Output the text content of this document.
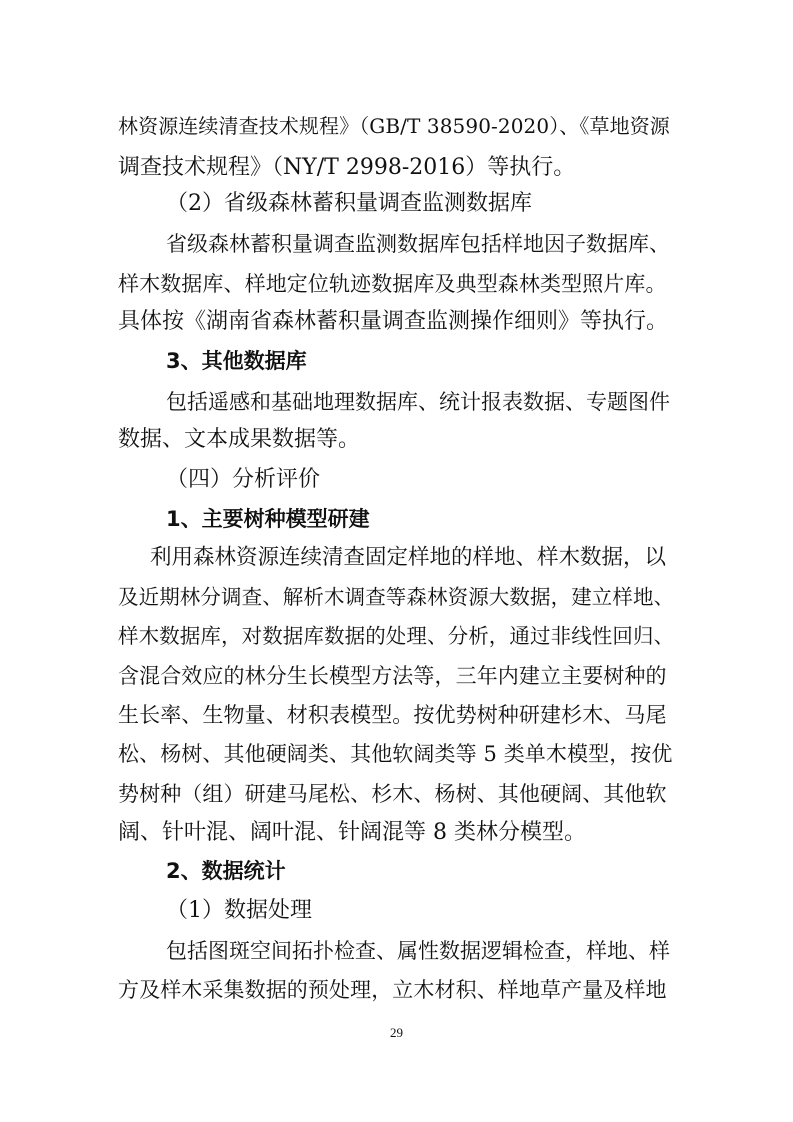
林资源连续清查技术规程》（GB/T 38590-2020）、《草地资源
调查技术规程》（NY/T 2998-2016）等执行。
（2）省级森林蓄积量调查监测数据库
省级森林蓄积量调查监测数据库包括样地因子数据库、
样木数据库、样地定位轨迹数据库及典型森林类型照片库。
具体按《湖南省森林蓄积量调查监测操作细则》等执行。
3、其他数据库
包括遥感和基础地理数据库、统计报表数据、专题图件
数据、文本成果数据等。
（四）分析评价
1、主要树种模型研建
利用森林资源连续清查固定样地的样地、样木数据，以
及近期林分调查、解析木调查等森林资源大数据，建立样地、
样木数据库，对数据库数据的处理、分析，通过非线性回归、
含混合效应的林分生长模型方法等，三年内建立主要树种的
生长率、生物量、材积表模型。按优势树种研建杉木、马尾
松、杨树、其他硬阔类、其他软阔类等 5 类单木模型，按优
势树种（组）研建马尾松、杉木、杨树、其他硬阔、其他软
阔、针叶混、阔叶混、针阔混等 8 类林分模型。
2、数据统计
（1）数据处理
包括图斑空间拓扑检查、属性数据逻辑检查，样地、样
方及样木采集数据的预处理，立木材积、样地草产量及样地
29
